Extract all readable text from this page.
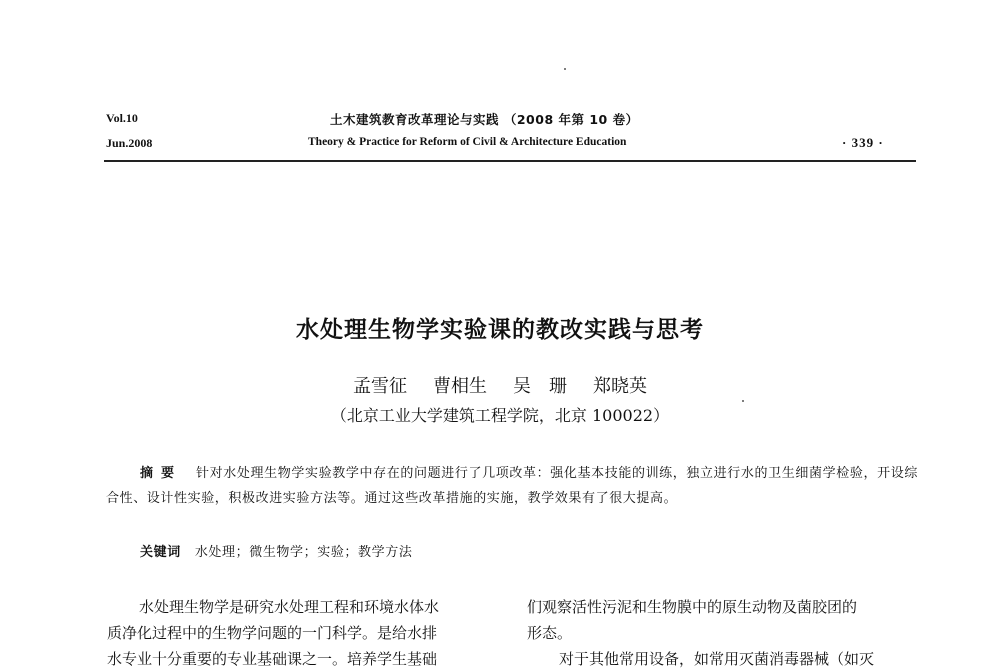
Vol.10
Jun.2008
土木建筑教育改革理论与实践 （2008 年第 10 卷）
Theory & Practice for Reform of Civil & Architecture Education	· 339 ·
水处理生物学实验课的教改实践与思考
孟雪征 曹相生 吴　珊 郑晓英
（北京工业大学建筑工程学院，北京 100022）
摘要 针对水处理生物学实验教学中存在的问题进行了几项改革：强化基本技能的训练，独立进行水的卫生细菌学检验，开设综合性、设计性实验，积极改进实验方法等。通过这些改革措施的实施，教学效果有了很大提高。
关键词 水处理；微生物学；实验；教学方法

水处理生物学是研究水处理工程和环境水体水

质净化过程中的生物学问题的一门科学。是给水排

水专业十分重要的专业基础课之一。培养学生基础

们观察活性污泥和生物膜中的原生动物及菌胶团的

形态。

对于其他常用设备，如常用灭菌消毒器械（如灭
